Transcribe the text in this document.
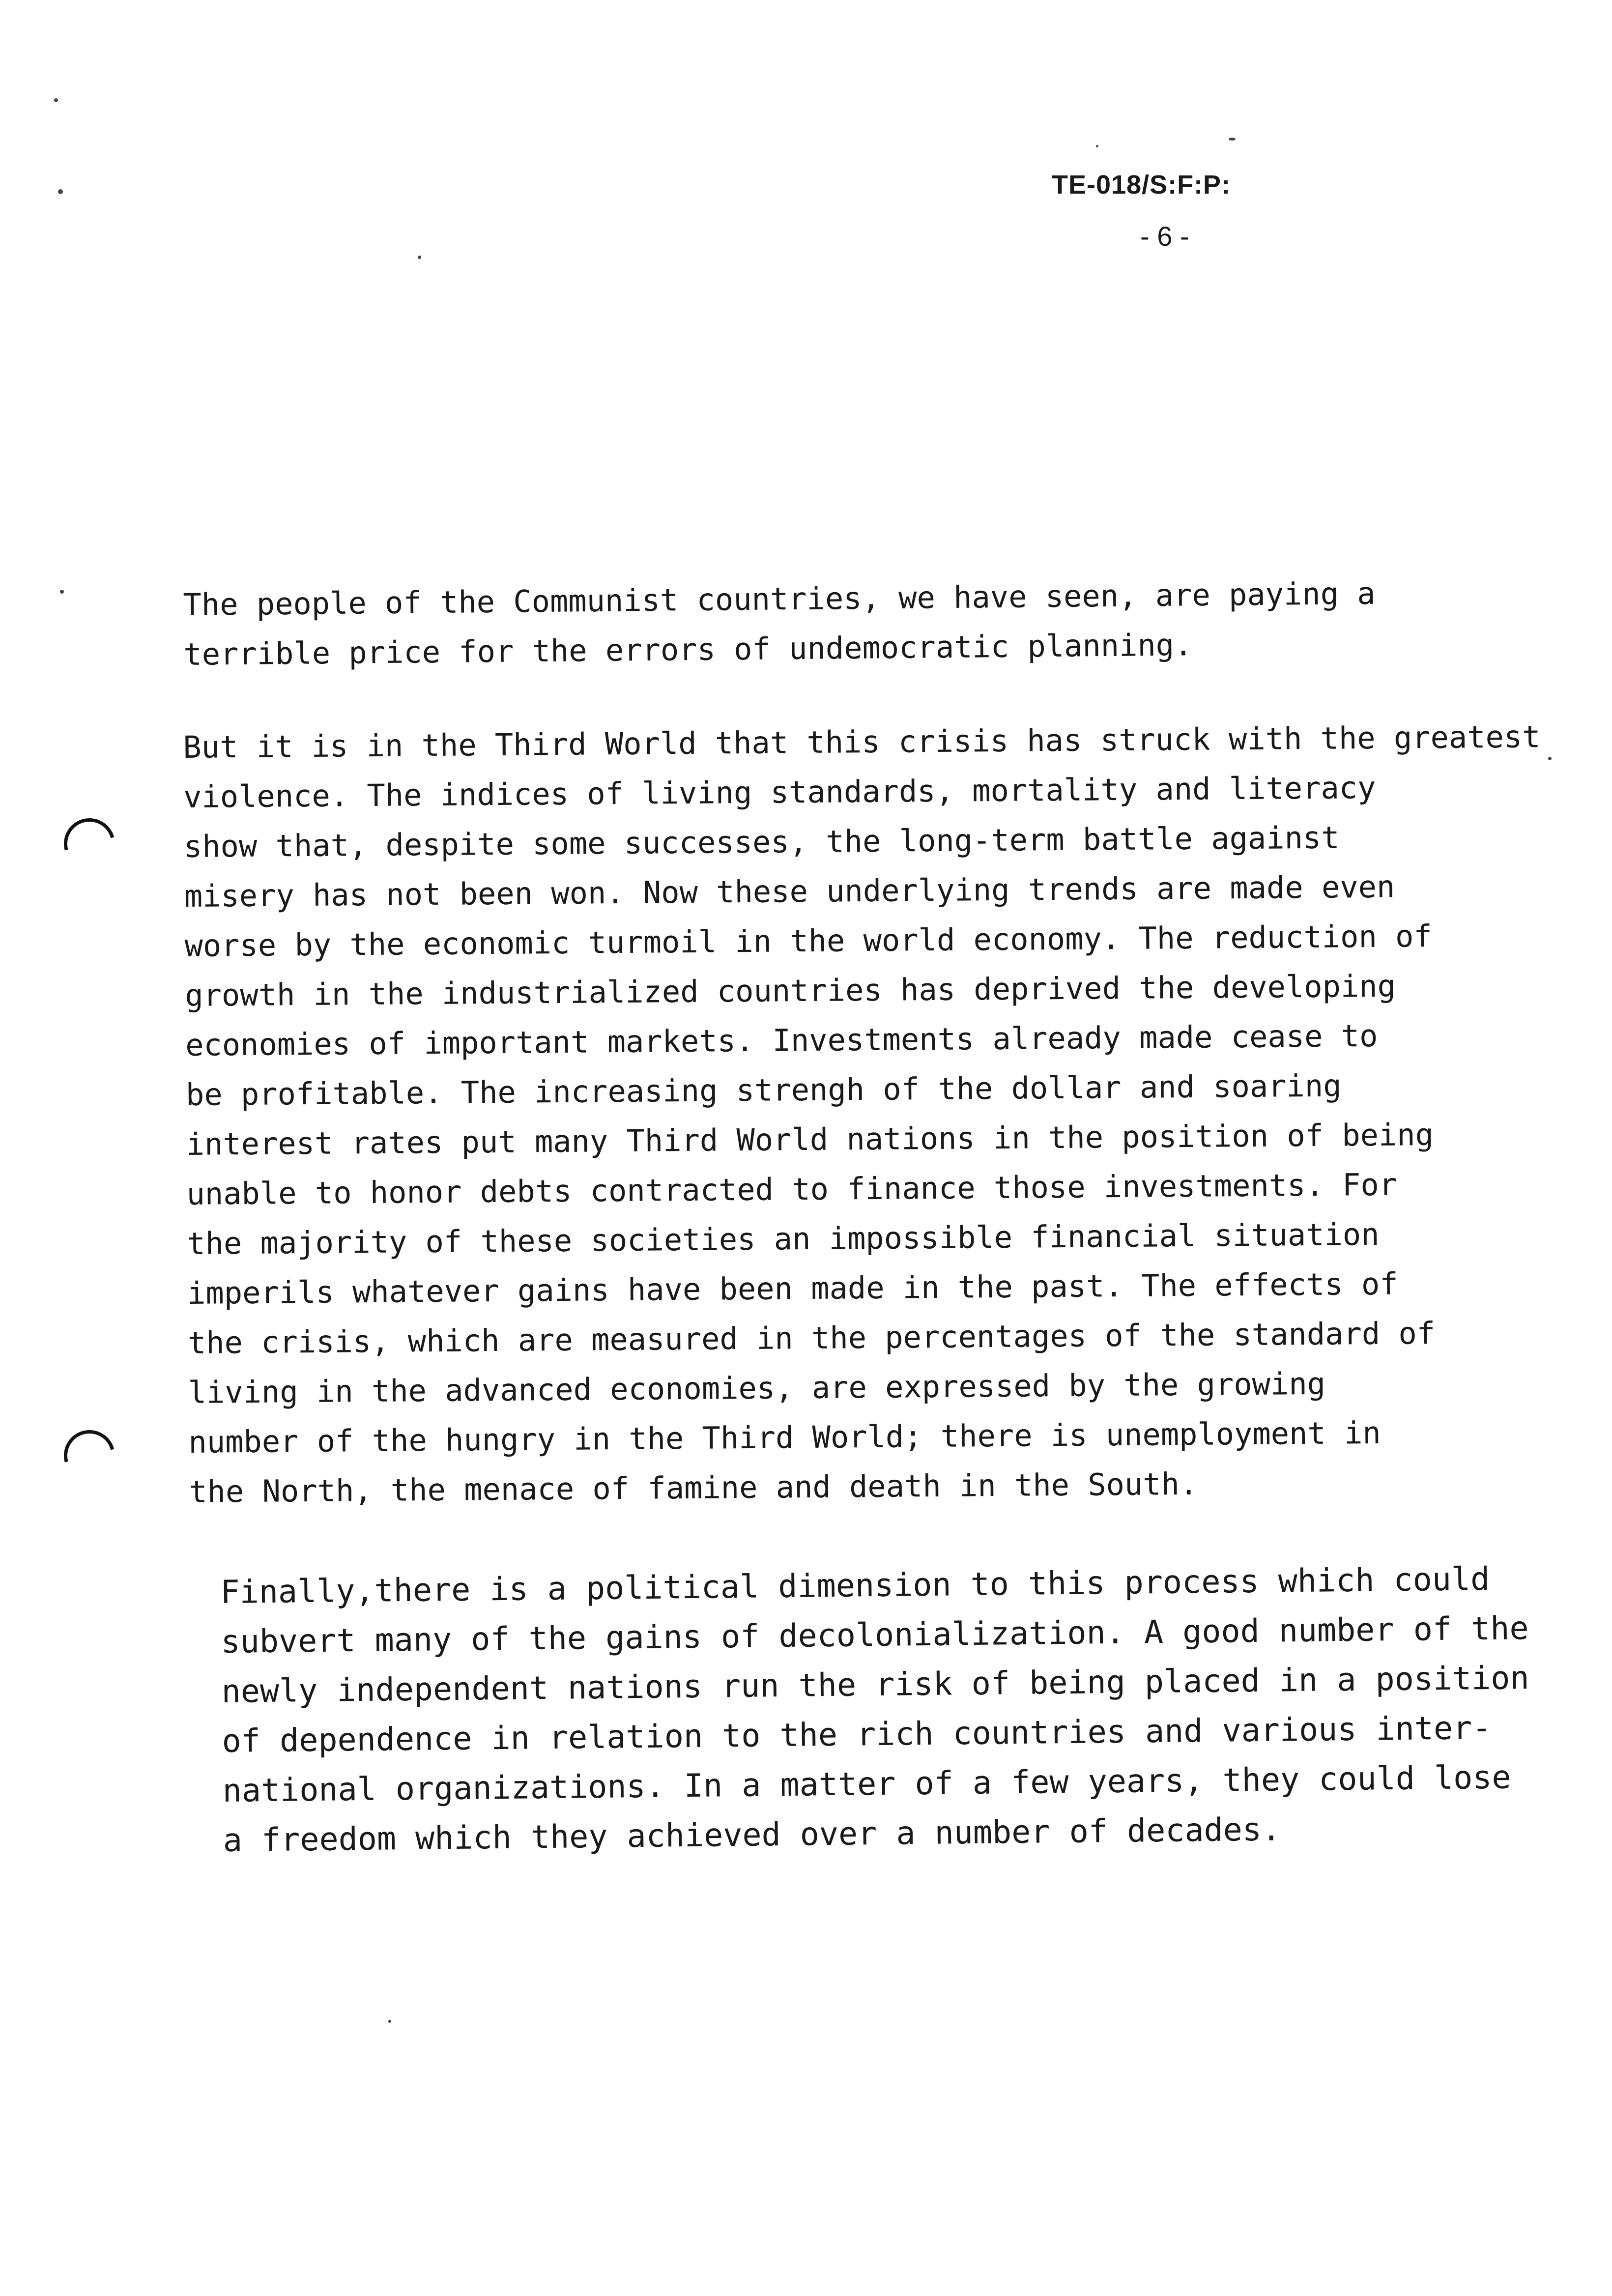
TE-018/S:F:P:
- 6 -
The people of the Communist countries, we have seen, are paying a
terrible price for the errors of undemocratic planning.
But it is in the Third World that this crisis has struck with the greatest
violence. The indices of living standards, mortality and literacy
show that, despite some successes, the long-term battle against
misery has not been won. Now these underlying trends are made even
worse by the economic turmoil in the world economy. The reduction of
growth in the industrialized countries has deprived the developing
economies of important markets. Investments already made cease to
be profitable. The increasing strengh of the dollar and soaring
interest rates put many Third World nations in the position of being
unable to honor debts contracted to finance those investments. For
the majority of these societies an impossible financial situation
imperils whatever gains have been made in the past. The effects of
the crisis, which are measured in the percentages of the standard of
living in the advanced economies, are expressed by the growing
number of the hungry in the Third World; there is unemployment in
the North, the menace of famine and death in the South.
Finally,there is a political dimension to this process which could
subvert many of the gains of decolonialization. A good number of the
newly independent nations run the risk of being placed in a position
of dependence in relation to the rich countries and various inter-
national organizations. In a matter of a few years, they could lose
a freedom which they achieved over a number of decades.
